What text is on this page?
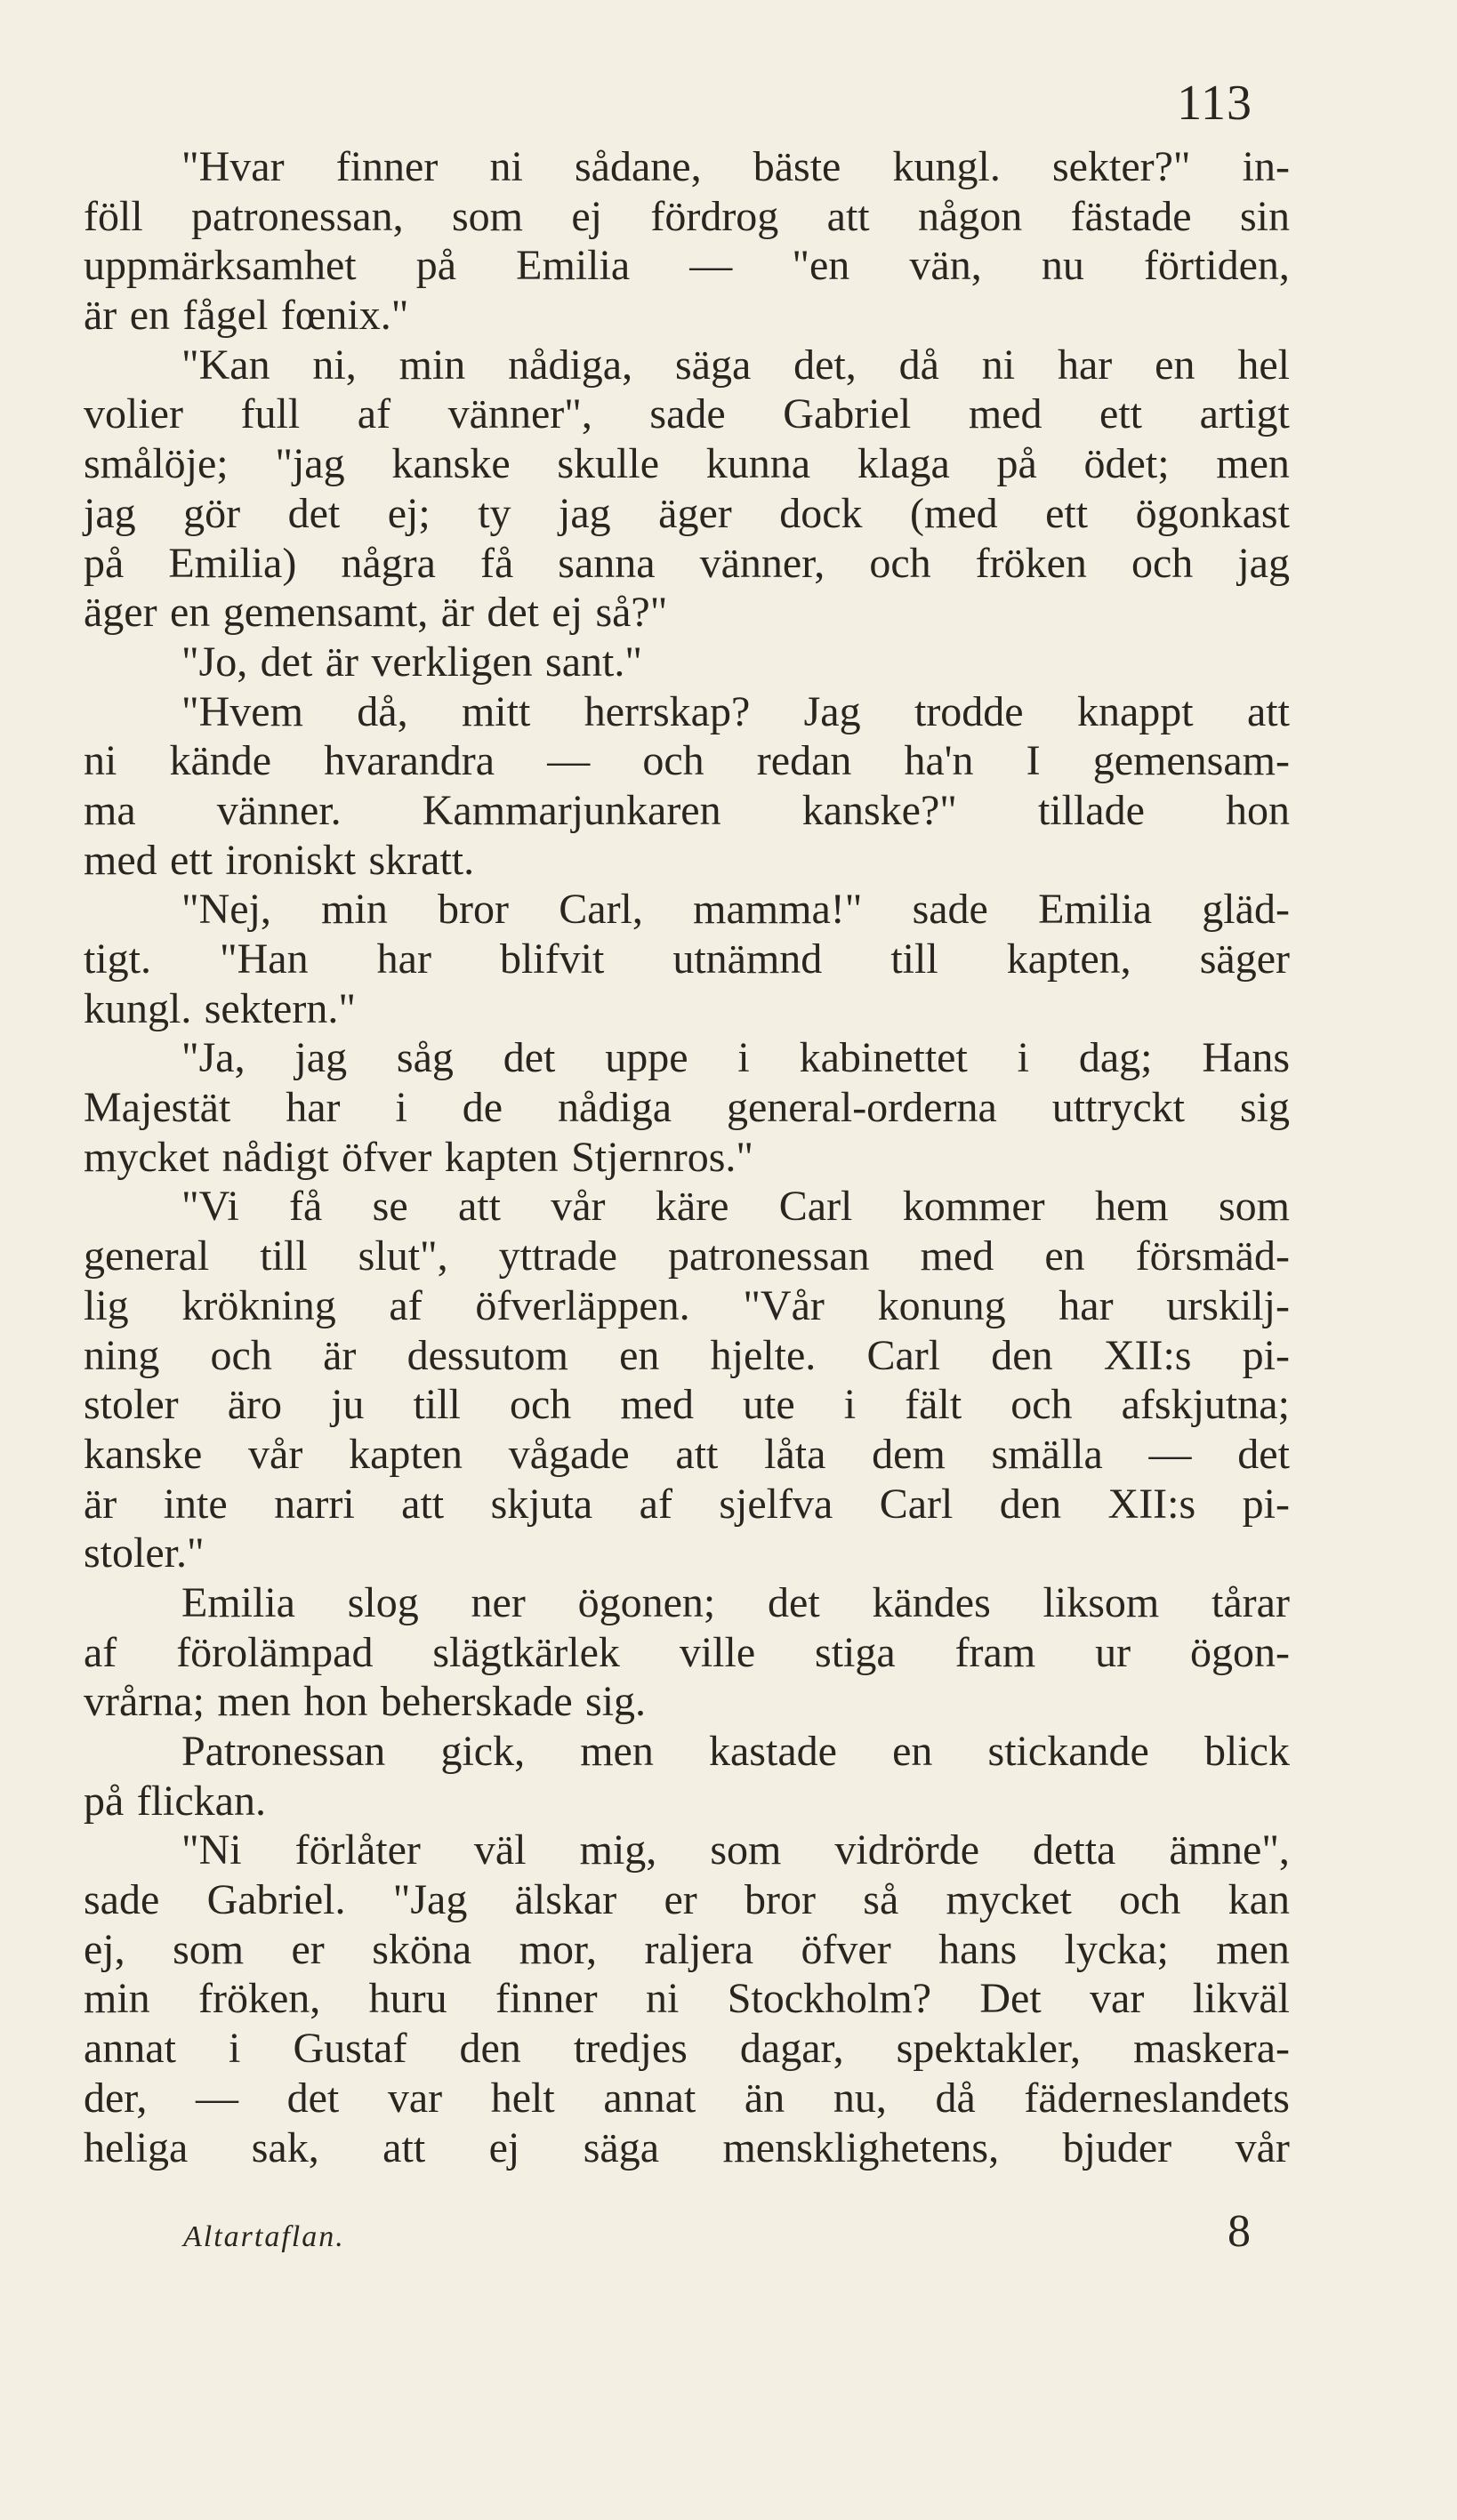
113
"Hvar finner ni sådane, bäste kungl. sekter?" in-
föll patronessan, som ej fördrog att någon fästade sin
uppmärksamhet på Emilia — "en vän, nu förtiden,
är en fågel fœnix."
"Kan ni, min nådiga, säga det, då ni har en hel
volier full af vänner", sade Gabriel med ett artigt
smålöje; "jag kanske skulle kunna klaga på ödet; men
jag gör det ej; ty jag äger dock (med ett ögonkast
på Emilia) några få sanna vänner, och fröken och jag
äger en gemensamt, är det ej så?"
"Jo, det är verkligen sant."
"Hvem då, mitt herrskap? Jag trodde knappt att
ni kände hvarandra — och redan ha'n I gemensam-
ma vänner. Kammarjunkaren kanske?" tillade hon
med ett ironiskt skratt.
"Nej, min bror Carl, mamma!" sade Emilia gläd-
tigt. "Han har blifvit utnämnd till kapten, säger
kungl. sektern."
"Ja, jag såg det uppe i kabinettet i dag; Hans
Majestät har i de nådiga general-orderna uttryckt sig
mycket nådigt öfver kapten Stjernros."
"Vi få se att vår käre Carl kommer hem som
general till slut", yttrade patronessan med en försmäd-
lig krökning af öfverläppen. "Vår konung har urskilj-
ning och är dessutom en hjelte. Carl den XII:s pi-
stoler äro ju till och med ute i fält och afskjutna;
kanske vår kapten vågade att låta dem smälla — det
är inte narri att skjuta af sjelfva Carl den XII:s pi-
stoler."
Emilia slog ner ögonen; det kändes liksom tårar
af förolämpad slägtkärlek ville stiga fram ur ögon-
vrårna; men hon beherskade sig.
Patronessan gick, men kastade en stickande blick
på flickan.
"Ni förlåter väl mig, som vidrörde detta ämne",
sade Gabriel. "Jag älskar er bror så mycket och kan
ej, som er sköna mor, raljera öfver hans lycka; men
min fröken, huru finner ni Stockholm? Det var likväl
annat i Gustaf den tredjes dagar, spektakler, maskera-
der, — det var helt annat än nu, då fäderneslandets
heliga sak, att ej säga mensklighetens, bjuder vår
Altartaflan.	8
